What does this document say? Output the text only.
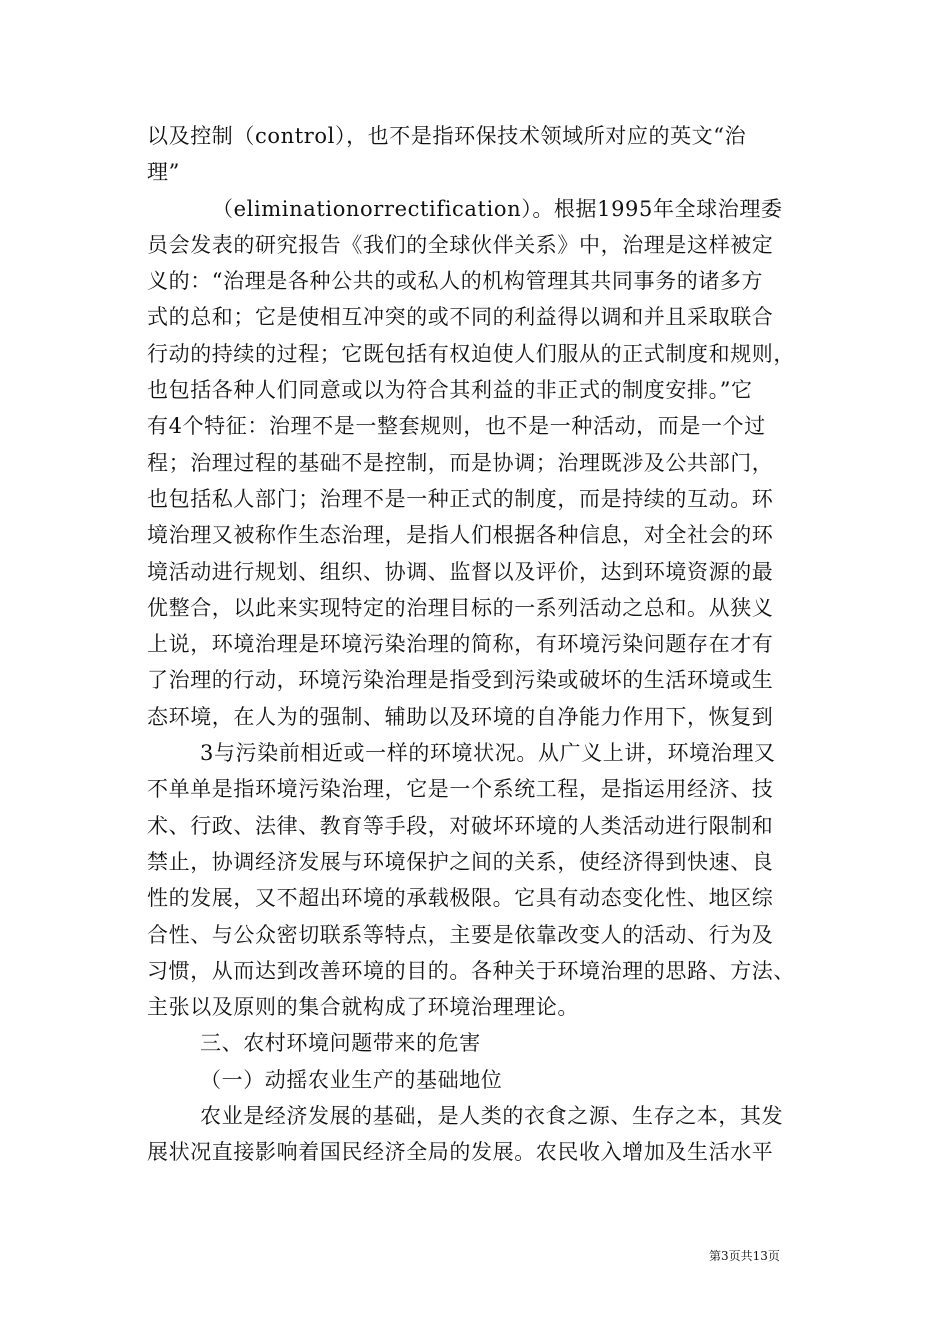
以及控制（control），也不是指环保技术领域所对应的英文“治
理”
（eliminationorrectification）。根据1995年全球治理委
员会发表的研究报告《我们的全球伙伴关系》中，治理是这样被定
义的：“治理是各种公共的或私人的机构管理其共同事务的诸多方
式的总和；它是使相互冲突的或不同的利益得以调和并且采取联合
行动的持续的过程；它既包括有权迫使人们服从的正式制度和规则，
也包括各种人们同意或以为符合其利益的非正式的制度安排。”它
有4个特征：治理不是一整套规则，也不是一种活动，而是一个过
程；治理过程的基础不是控制，而是协调；治理既涉及公共部门，
也包括私人部门；治理不是一种正式的制度，而是持续的互动。环
境治理又被称作生态治理，是指人们根据各种信息，对全社会的环
境活动进行规划、组织、协调、监督以及评价，达到环境资源的最
优整合，以此来实现特定的治理目标的一系列活动之总和。从狭义
上说，环境治理是环境污染治理的简称，有环境污染问题存在才有
了治理的行动，环境污染治理是指受到污染或破坏的生活环境或生
态环境，在人为的强制、辅助以及环境的自净能力作用下，恢复到
3与污染前相近或一样的环境状况。从广义上讲，环境治理又
不单单是指环境污染治理，它是一个系统工程，是指运用经济、技
术、行政、法律、教育等手段，对破坏环境的人类活动进行限制和
禁止，协调经济发展与环境保护之间的关系，使经济得到快速、良
性的发展，又不超出环境的承载极限。它具有动态变化性、地区综
合性、与公众密切联系等特点，主要是依靠改变人的活动、行为及
习惯，从而达到改善环境的目的。各种关于环境治理的思路、方法、
主张以及原则的集合就构成了环境治理理论。
三、农村环境问题带来的危害
（一）动摇农业生产的基础地位
农业是经济发展的基础，是人类的衣食之源、生存之本，其发
展状况直接影响着国民经济全局的发展。农民收入增加及生活水平
第3页共13页
